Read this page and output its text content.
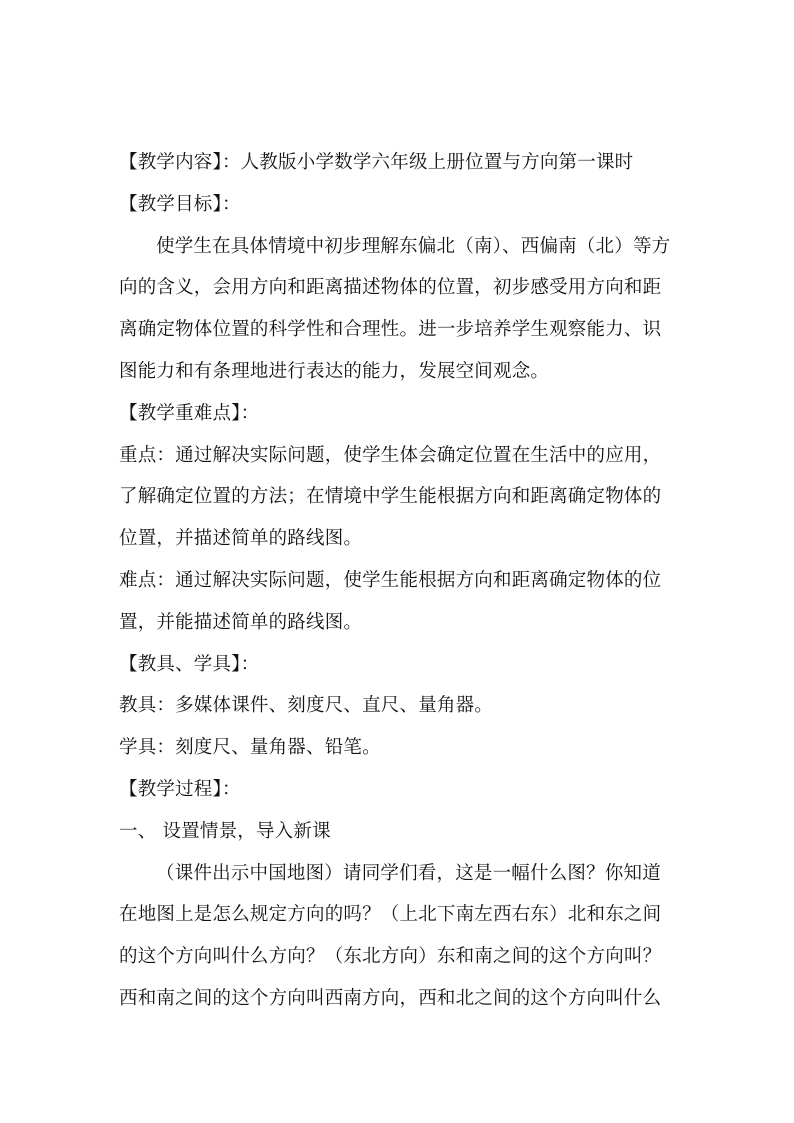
【教学内容】：人教版小学数学六年级上册位置与方向第一课时
【教学目标】：
使学生在具体情境中初步理解东偏北（南）、西偏南（北）等方
向的含义，会用方向和距离描述物体的位置，初步感受用方向和距
离确定物体位置的科学性和合理性。进一步培养学生观察能力、识
图能力和有条理地进行表达的能力，发展空间观念。
【教学重难点】：
重点：通过解决实际问题，使学生体会确定位置在生活中的应用，
了解确定位置的方法；在情境中学生能根据方向和距离确定物体的
位置，并描述简单的路线图。
难点：通过解决实际问题，使学生能根据方向和距离确定物体的位
置，并能描述简单的路线图。
【教具、学具】：
教具：多媒体课件、刻度尺、直尺、量角器。
学具：刻度尺、量角器、铅笔。
【教学过程】：
一、 设置情景，导入新课
（课件出示中国地图）请同学们看，这是一幅什么图？你知道
在地图上是怎么规定方向的吗？（上北下南左西右东）北和东之间
的这个方向叫什么方向？（东北方向）东和南之间的这个方向叫？
西和南之间的这个方向叫西南方向，西和北之间的这个方向叫什么
